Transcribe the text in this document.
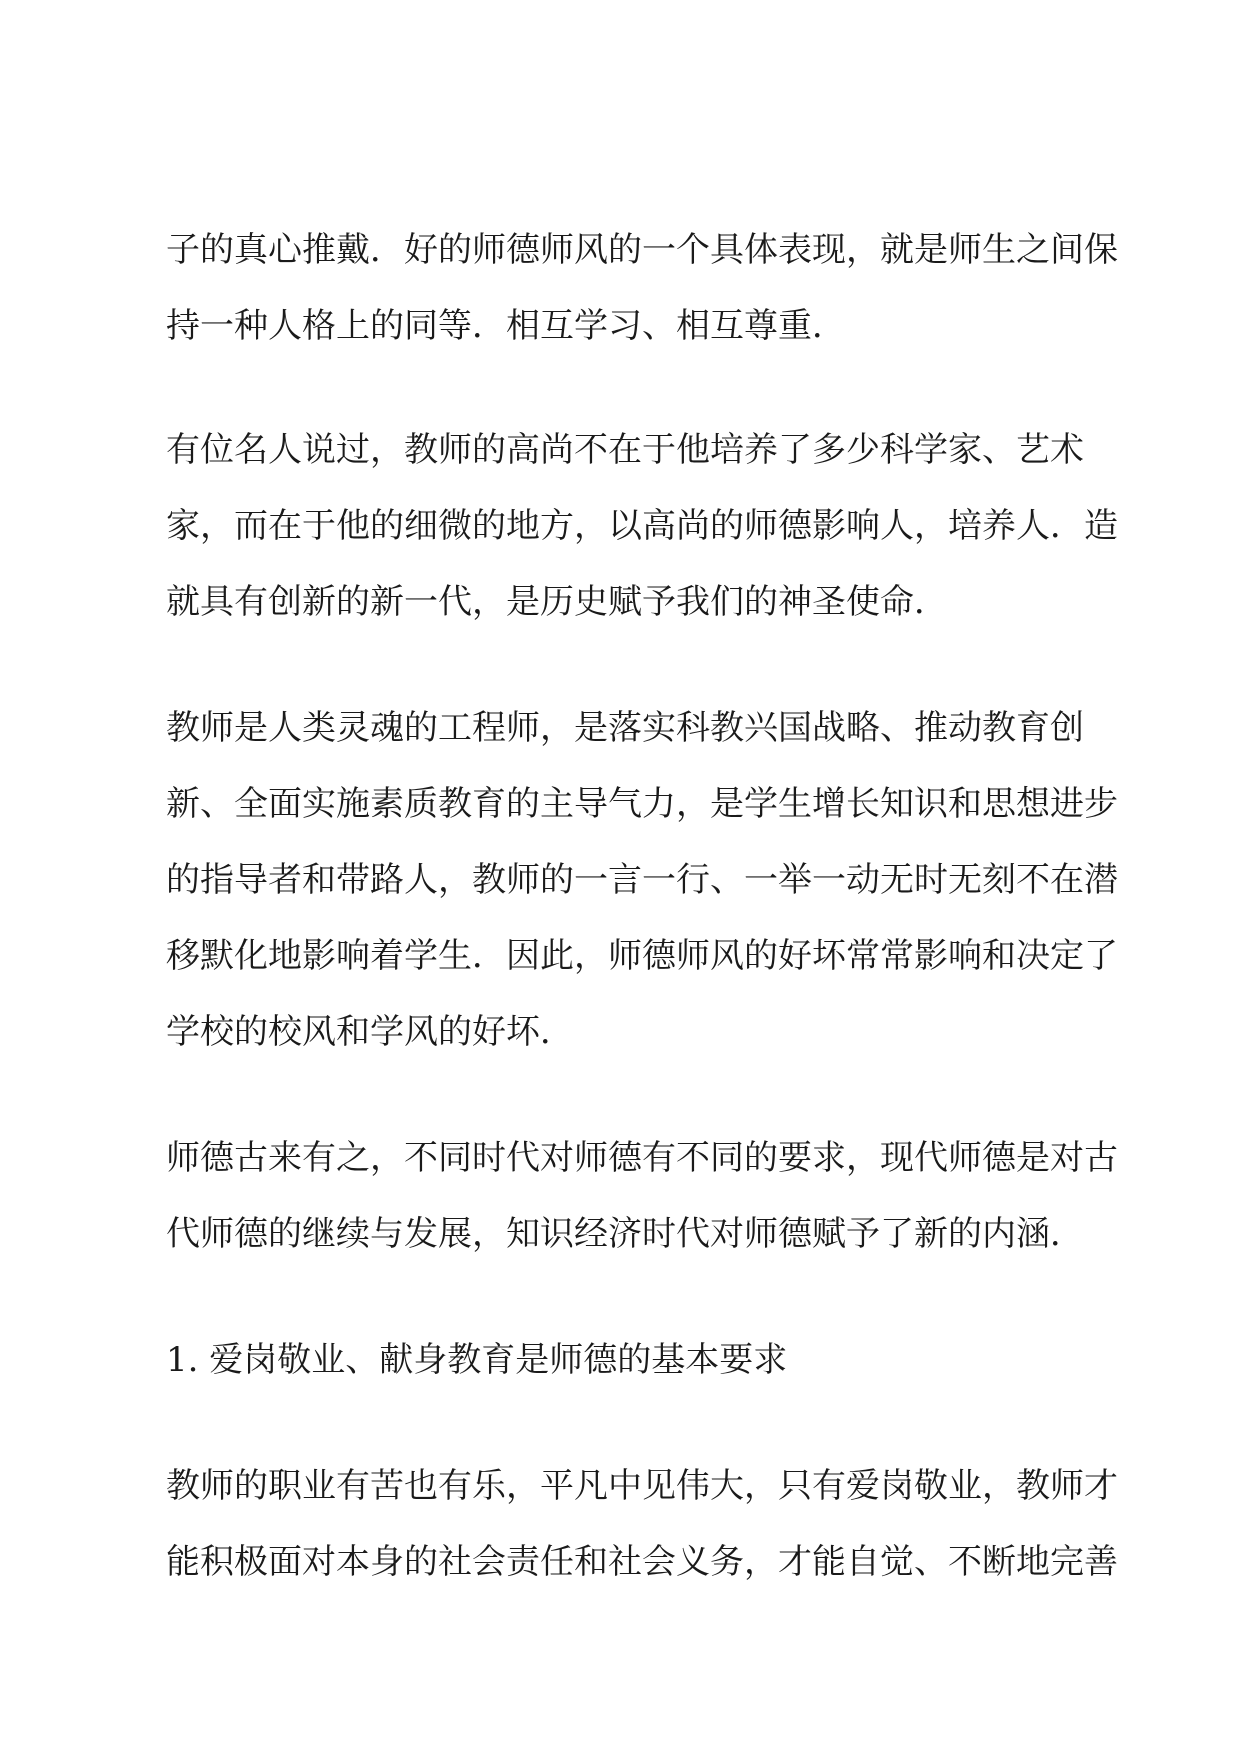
子的真心推戴．好的师德师风的一个具体表现，就是师生之间保

持一种人格上的同等．相互学习、相互尊重．

有位名人说过，教师的高尚不在于他培养了多少科学家、艺术

家，而在于他的细微的地方，以高尚的师德影响人，培养人．造

就具有创新的新一代，是历史赋予我们的神圣使命．

教师是人类灵魂的工程师，是落实科教兴国战略、推动教育创

新、全面实施素质教育的主导气力，是学生增长知识和思想进步

的指导者和带路人，教师的一言一行、一举一动无时无刻不在潜

移默化地影响着学生．因此，师德师风的好坏常常影响和决定了

学校的校风和学风的好坏．

师德古来有之，不同时代对师德有不同的要求，现代师德是对古

代师德的继续与发展，知识经济时代对师德赋予了新的内涵．

1. 爱岗敬业、献身教育是师德的基本要求

教师的职业有苦也有乐，平凡中见伟大，只有爱岗敬业，教师才

能积极面对本身的社会责任和社会义务，才能自觉、不断地完善
